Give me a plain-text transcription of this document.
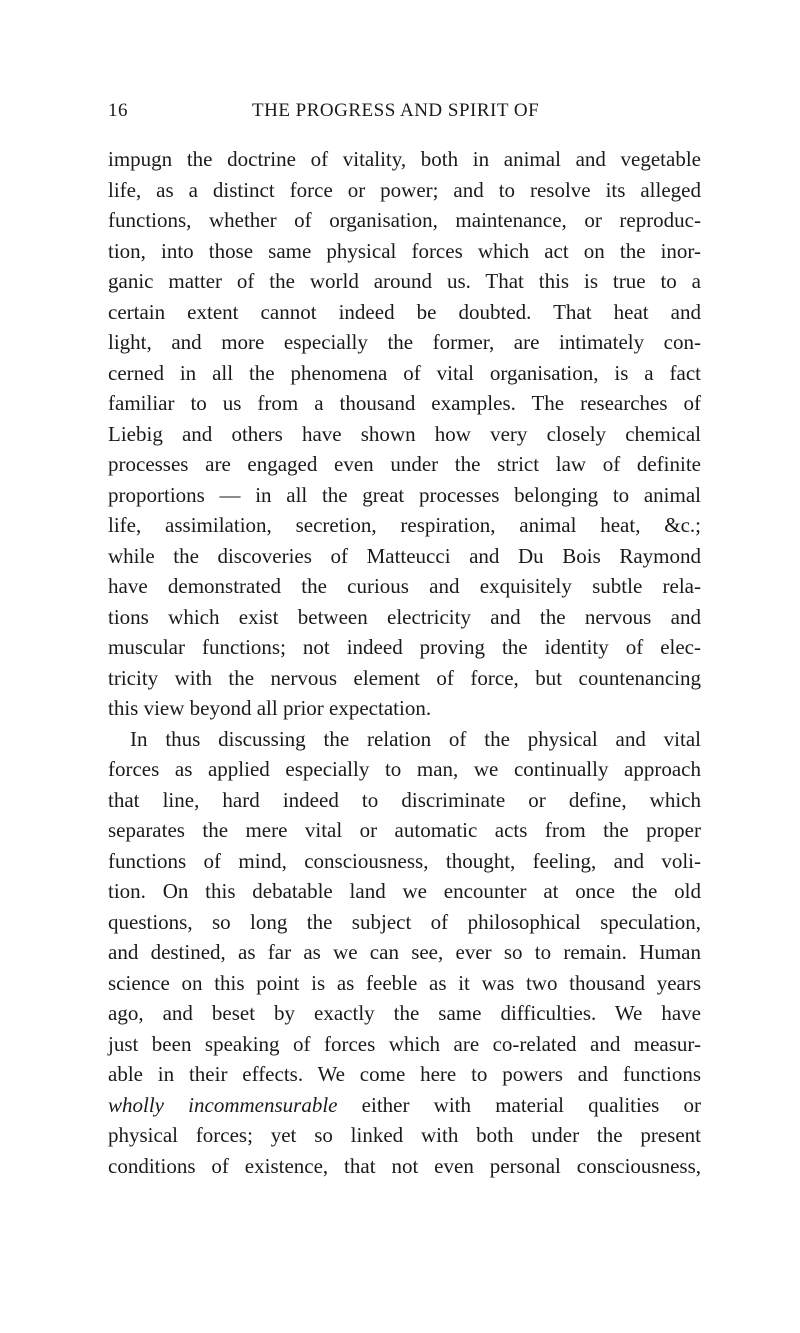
16	THE PROGRESS AND SPIRIT OF
impugn the doctrine of vitality, both in animal and vegetable
life, as a distinct force or power; and to resolve its alleged
functions, whether of organisation, maintenance, or reproduc-
tion, into those same physical forces which act on the inor-
ganic matter of the world around us. That this is true to a
certain extent cannot indeed be doubted. That heat and
light, and more especially the former, are intimately con-
cerned in all the phenomena of vital organisation, is a fact
familiar to us from a thousand examples. The researches of
Liebig and others have shown how very closely chemical
processes are engaged even under the strict law of definite
proportions — in all the great processes belonging to animal
life, assimilation, secretion, respiration, animal heat, &c.;
while the discoveries of Matteucci and Du Bois Raymond
have demonstrated the curious and exquisitely subtle rela-
tions which exist between electricity and the nervous and
muscular functions; not indeed proving the identity of elec-
tricity with the nervous element of force, but countenancing
this view beyond all prior expectation.
In thus discussing the relation of the physical and vital
forces as applied especially to man, we continually approach
that line, hard indeed to discriminate or define, which
separates the mere vital or automatic acts from the proper
functions of mind, consciousness, thought, feeling, and voli-
tion. On this debatable land we encounter at once the old
questions, so long the subject of philosophical speculation,
and destined, as far as we can see, ever so to remain. Human
science on this point is as feeble as it was two thousand years
ago, and beset by exactly the same difficulties. We have
just been speaking of forces which are co-related and measur-
able in their effects. We come here to powers and functions
wholly incommensurable either with material qualities or
physical forces; yet so linked with both under the present
conditions of existence, that not even personal consciousness,
